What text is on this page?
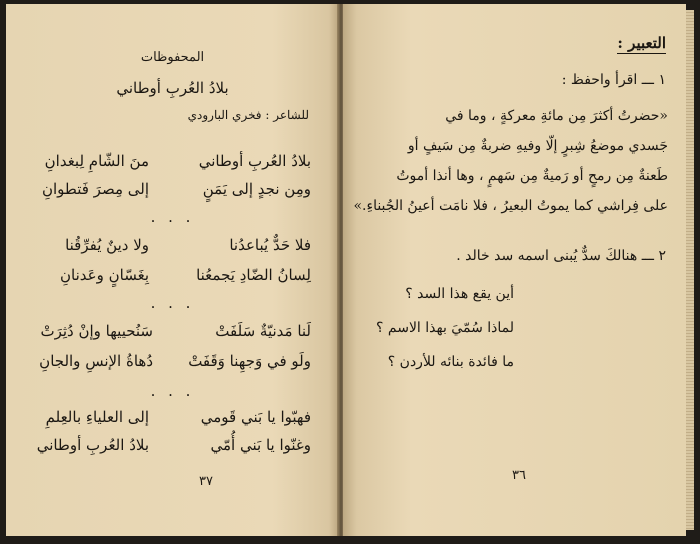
المحفوظات
بلادُ العُربِ أوطاني
للشاعر : فخري البارودي
بلادُ العُربِ أوطاني
منَ الشّامِ لِبغدانِ
ومِن نجدٍ إلى يَمَنٍ
إلى مِصرَ فَتطوانِ
. . .
فلا حَدٌّ يُباعدُنا
ولا دينٌ يُفرِّقُنا
لِسانُ الضّادِ يَجمعُنا
بِغَسّانٍ وعَدنانِ
. . .
لَنا مَدنيّةٌ سَلَفَتْ
سَنُحييها وإنْ دُثِرَتْ
ولَو في وَجهِنا وَقَفَتْ
دُهاةُ الإنسِ والجانِ
. . .
فهبّوا يا بَني قَومي
إلى العلياءِ بالعِلمِ
وغنّوا يا بَني أُمّي
بلادُ العُربِ أوطاني
٣٧
التعبير :
١ ـــ اقرأ واحفظ :
«حضرتُ أكثرَ مِن مائةِ معركةٍ ، وما في
جَسدي موضعُ شِبرٍ إلّا وفيهِ ضربةٌ مِن سَيفٍ أو
طَعنةٌ مِن رمحٍ أو رَميةٌ مِن سَهمٍ ، وها أنذا أموتُ
على فِراشي كما يموتُ البعيرُ ، فلا نامَت أعينُ الجُبناءِ.»
٢ ـــ هنالكَ سدٌّ يُبنى اسمه سد خالد .
أين يقع هذا السد ؟
لماذا سُمّيَ بهذا الاسم ؟
ما فائدة بنائه للأردن ؟
٣٦
